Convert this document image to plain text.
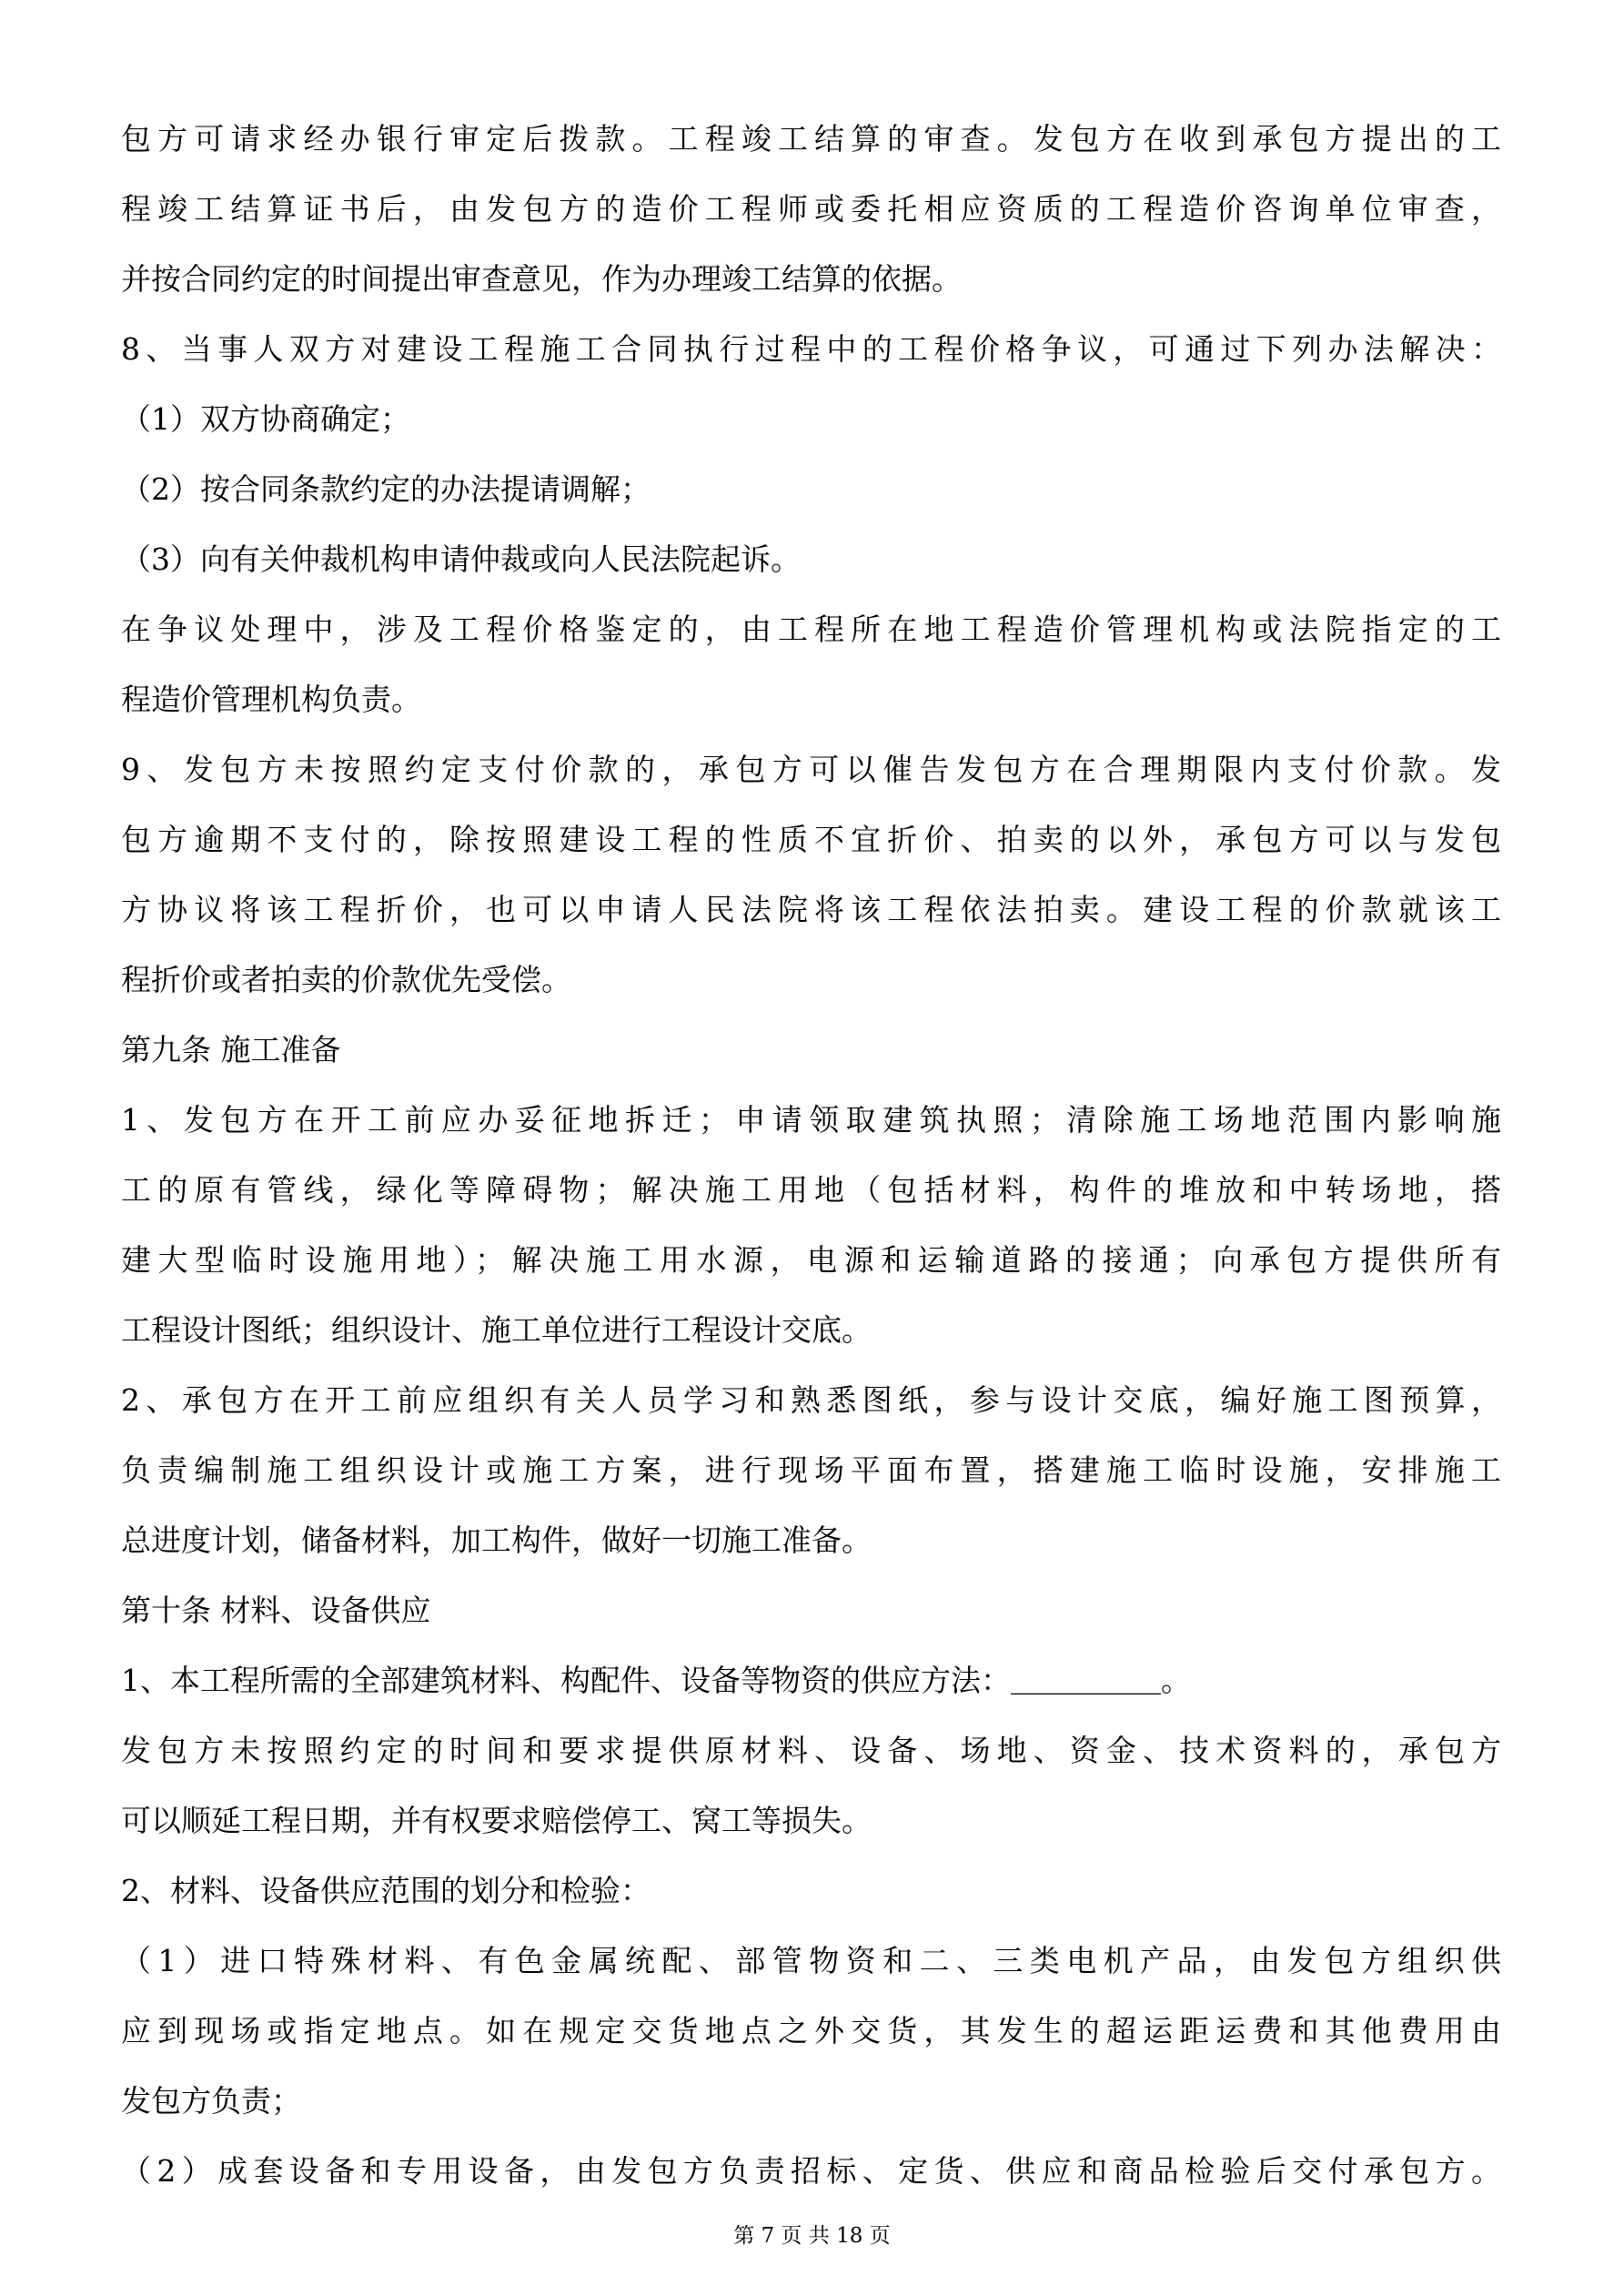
包方可请求经办银行审定后拨款。工程竣工结算的审查。发包方在收到承包方提出的工
程竣工结算证书后，由发包方的造价工程师或委托相应资质的工程造价咨询单位审查，
并按合同约定的时间提出审查意见，作为办理竣工结算的依据。
8、当事人双方对建设工程施工合同执行过程中的工程价格争议，可通过下列办法解决：
（1）双方协商确定；
（2）按合同条款约定的办法提请调解；
（3）向有关仲裁机构申请仲裁或向人民法院起诉。
在争议处理中，涉及工程价格鉴定的，由工程所在地工程造价管理机构或法院指定的工
程造价管理机构负责。
9、发包方未按照约定支付价款的，承包方可以催告发包方在合理期限内支付价款。发
包方逾期不支付的，除按照建设工程的性质不宜折价、拍卖的以外，承包方可以与发包
方协议将该工程折价，也可以申请人民法院将该工程依法拍卖。建设工程的价款就该工
程折价或者拍卖的价款优先受偿。
第九条 施工准备
1、发包方在开工前应办妥征地拆迁；申请领取建筑执照；清除施工场地范围内影响施
工的原有管线，绿化等障碍物；解决施工用地（包括材料，构件的堆放和中转场地，搭
建大型临时设施用地）；解决施工用水源，电源和运输道路的接通；向承包方提供所有
工程设计图纸；组织设计、施工单位进行工程设计交底。
2、承包方在开工前应组织有关人员学习和熟悉图纸，参与设计交底，编好施工图预算，
负责编制施工组织设计或施工方案，进行现场平面布置，搭建施工临时设施，安排施工
总进度计划，储备材料，加工构件，做好一切施工准备。
第十条 材料、设备供应
1、本工程所需的全部建筑材料、构配件、设备等物资的供应方法：＿＿＿＿＿。
发包方未按照约定的时间和要求提供原材料、设备、场地、资金、技术资料的，承包方
可以顺延工程日期，并有权要求赔偿停工、窝工等损失。
2、材料、设备供应范围的划分和检验：
（1）进口特殊材料、有色金属统配、部管物资和二、三类电机产品，由发包方组织供
应到现场或指定地点。如在规定交货地点之外交货，其发生的超运距运费和其他费用由
发包方负责；
（2）成套设备和专用设备，由发包方负责招标、定货、供应和商品检验后交付承包方。
第 7 页 共 18 页
